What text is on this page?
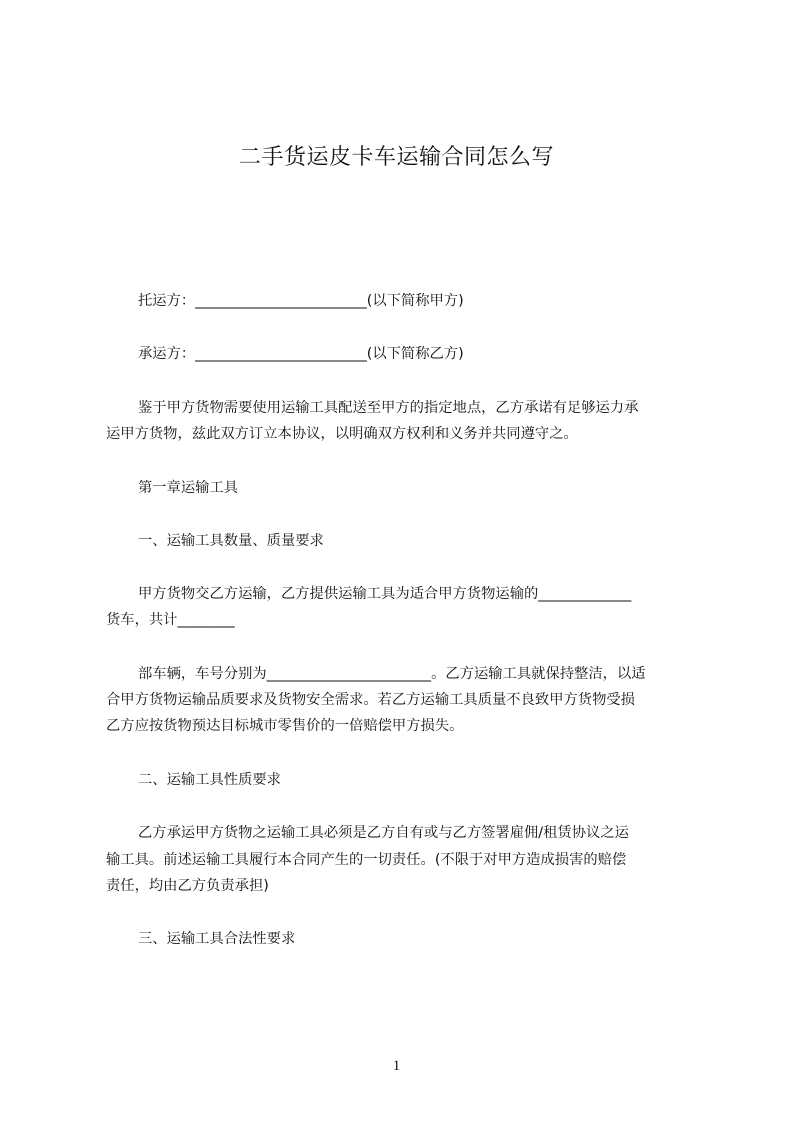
二手货运皮卡车运输合同怎么写
托运方：________________________(以下简称甲方)
承运方：________________________(以下简称乙方)
鉴于甲方货物需要使用运输工具配送至甲方的指定地点，乙方承诺有足够运力承
运甲方货物，兹此双方订立本协议，以明确双方权利和义务并共同遵守之。
第一章运输工具
一、运输工具数量、质量要求
甲方货物交乙方运输，乙方提供运输工具为适合甲方货物运输的_____________
货车，共计________
部车辆，车号分别为_______________________。乙方运输工具就保持整洁，以适
合甲方货物运输品质要求及货物安全需求。若乙方运输工具质量不良致甲方货物受损
乙方应按货物预达目标城市零售价的一倍赔偿甲方损失。
二、运输工具性质要求
乙方承运甲方货物之运输工具必须是乙方自有或与乙方签署雇佣/租赁协议之运
输工具。前述运输工具履行本合同产生的一切责任。(不限于对甲方造成损害的赔偿
责任，均由乙方负责承担)
三、运输工具合法性要求
1
